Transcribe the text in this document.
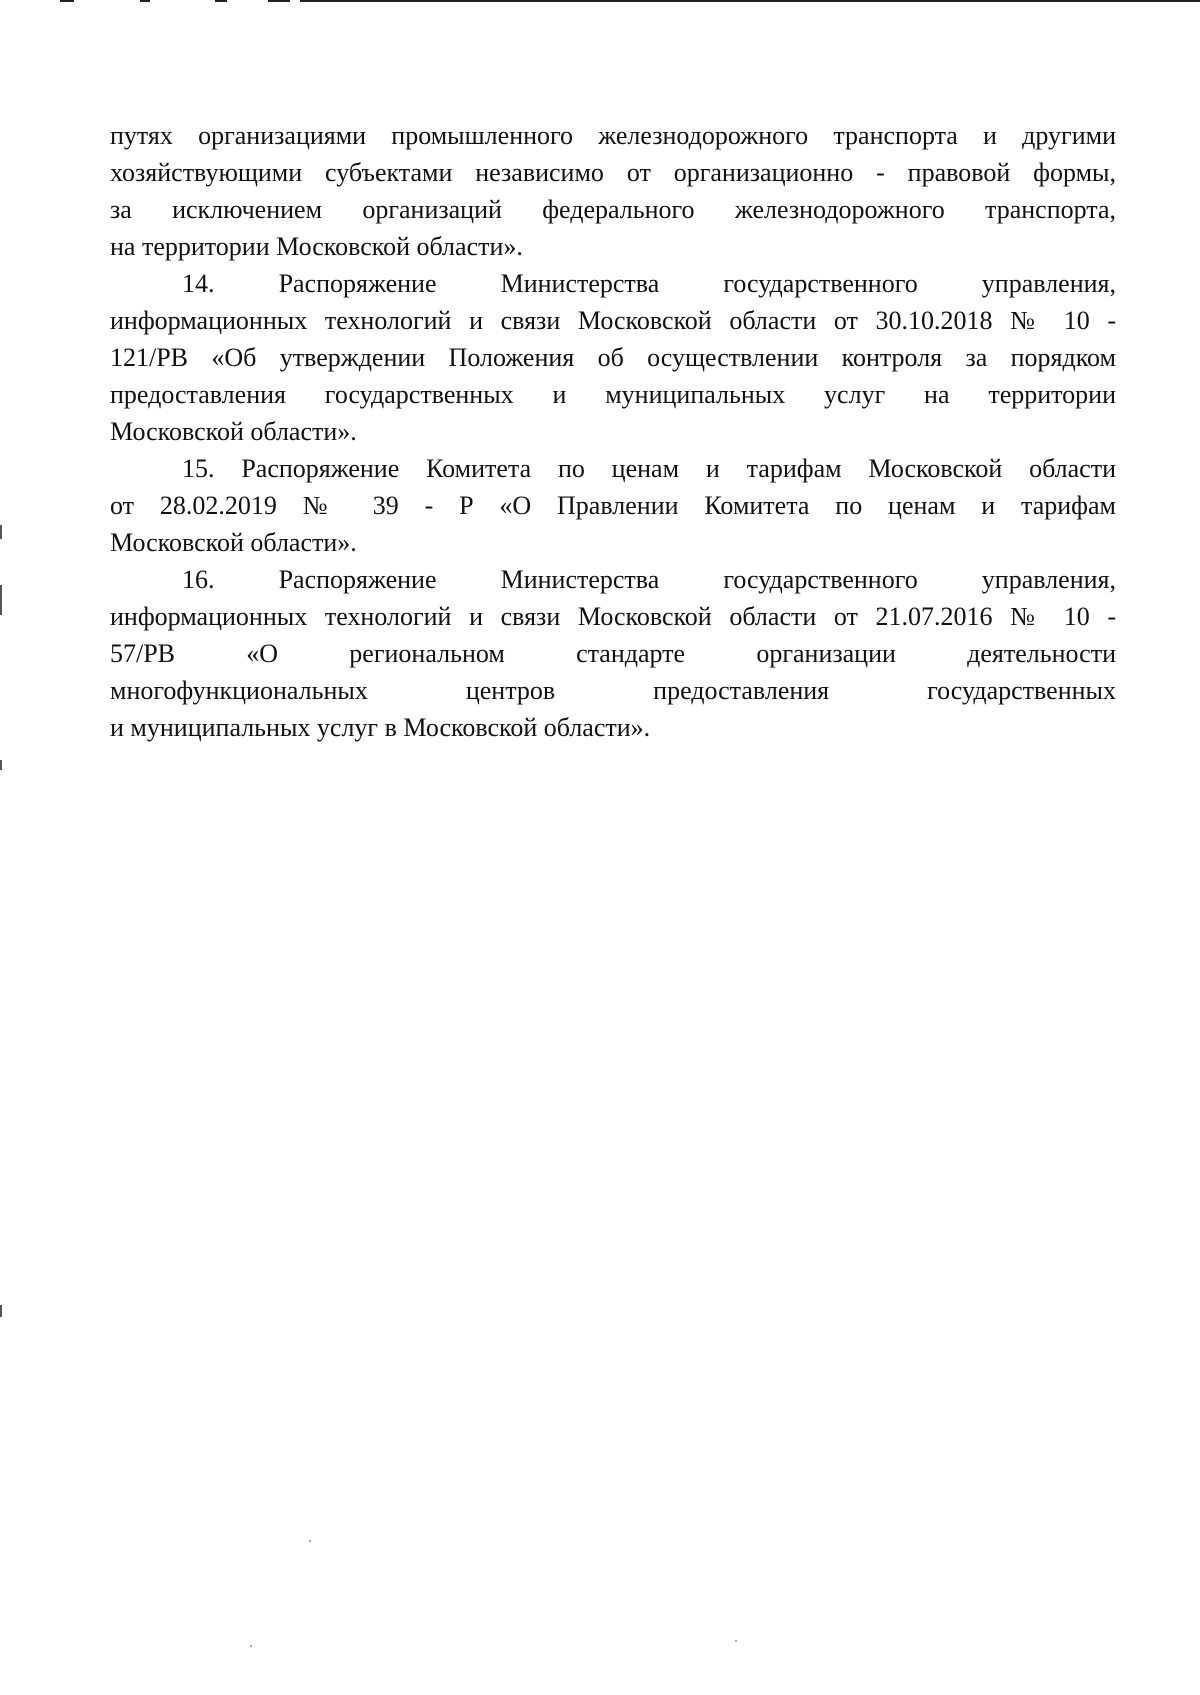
путях организациями промышленного железнодорожного транспорта и другими
хозяйствующими субъектами независимо от организационно - правовой формы,
за исключением организаций федерального железнодорожного транспорта,
на территории Московской области».
14. Распоряжение Министерства государственного управления,
информационных технологий и связи Московской области от 30.10.2018 № 10 -
121/РВ «Об утверждении Положения об осуществлении контроля за порядком
предоставления государственных и муниципальных услуг на территории
Московской области».
15. Распоряжение Комитета по ценам и тарифам Московской области
от 28.02.2019 № 39 - Р «О Правлении Комитета по ценам и тарифам
Московской области».
16. Распоряжение Министерства государственного управления,
информационных технологий и связи Московской области от 21.07.2016 № 10 -
57/РВ «О региональном стандарте организации деятельности
многофункциональных центров предоставления государственных
и муниципальных услуг в Московской области».
